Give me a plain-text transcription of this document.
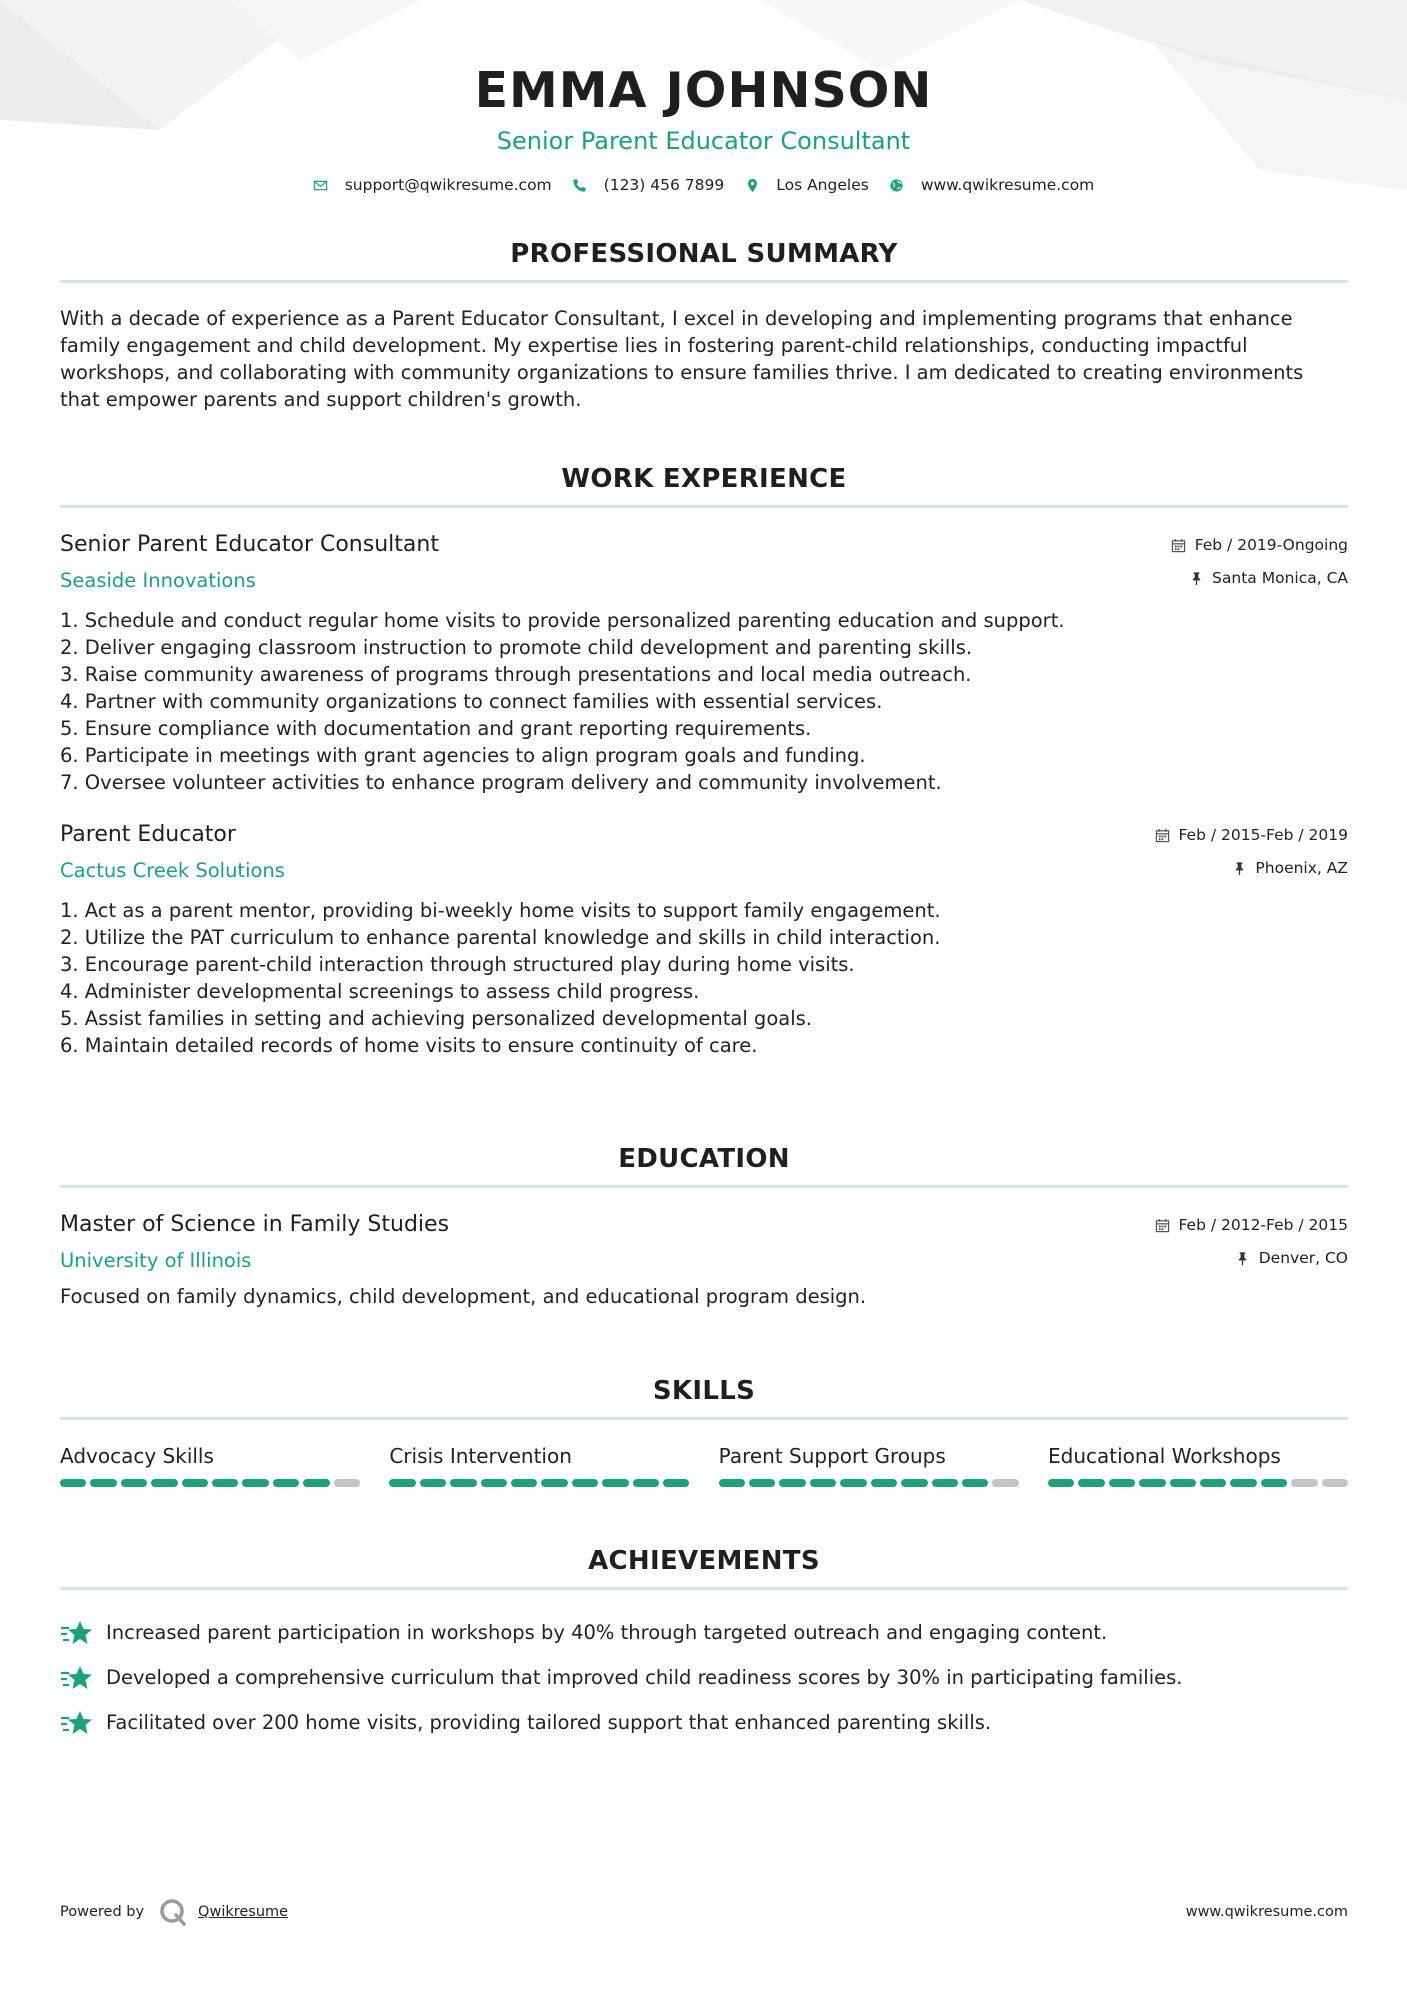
EMMA JOHNSON
Senior Parent Educator Consultant
support@qwikresume.com	(123) 456 7899	Los Angeles	www.qwikresume.com
PROFESSIONAL SUMMARY
With a decade of experience as a Parent Educator Consultant, I excel in developing and implementing programs that enhance family engagement and child development. My expertise lies in fostering parent-child relationships, conducting impactful workshops, and collaborating with community organizations to ensure families thrive. I am dedicated to creating environments that empower parents and support children's growth.
WORK EXPERIENCE
Senior Parent Educator Consultant
Seaside Innovations
Feb / 2019-Ongoing
Santa Monica, CA
1. Schedule and conduct regular home visits to provide personalized parenting education and support.
2. Deliver engaging classroom instruction to promote child development and parenting skills.
3. Raise community awareness of programs through presentations and local media outreach.
4. Partner with community organizations to connect families with essential services.
5. Ensure compliance with documentation and grant reporting requirements.
6. Participate in meetings with grant agencies to align program goals and funding.
7. Oversee volunteer activities to enhance program delivery and community involvement.
Parent Educator
Cactus Creek Solutions
Feb / 2015-Feb / 2019
Phoenix, AZ
1. Act as a parent mentor, providing bi-weekly home visits to support family engagement.
2. Utilize the PAT curriculum to enhance parental knowledge and skills in child interaction.
3. Encourage parent-child interaction through structured play during home visits.
4. Administer developmental screenings to assess child progress.
5. Assist families in setting and achieving personalized developmental goals.
6. Maintain detailed records of home visits to ensure continuity of care.
EDUCATION
Master of Science in Family Studies
University of Illinois
Feb / 2012-Feb / 2015
Denver, CO
Focused on family dynamics, child development, and educational program design.
SKILLS
Advocacy Skills	Crisis Intervention	Parent Support Groups	Educational Workshops
ACHIEVEMENTS
Increased parent participation in workshops by 40% through targeted outreach and engaging content.
Developed a comprehensive curriculum that improved child readiness scores by 30% in participating families.
Facilitated over 200 home visits, providing tailored support that enhanced parenting skills.
Powered by	Qwikresume	www.qwikresume.com
